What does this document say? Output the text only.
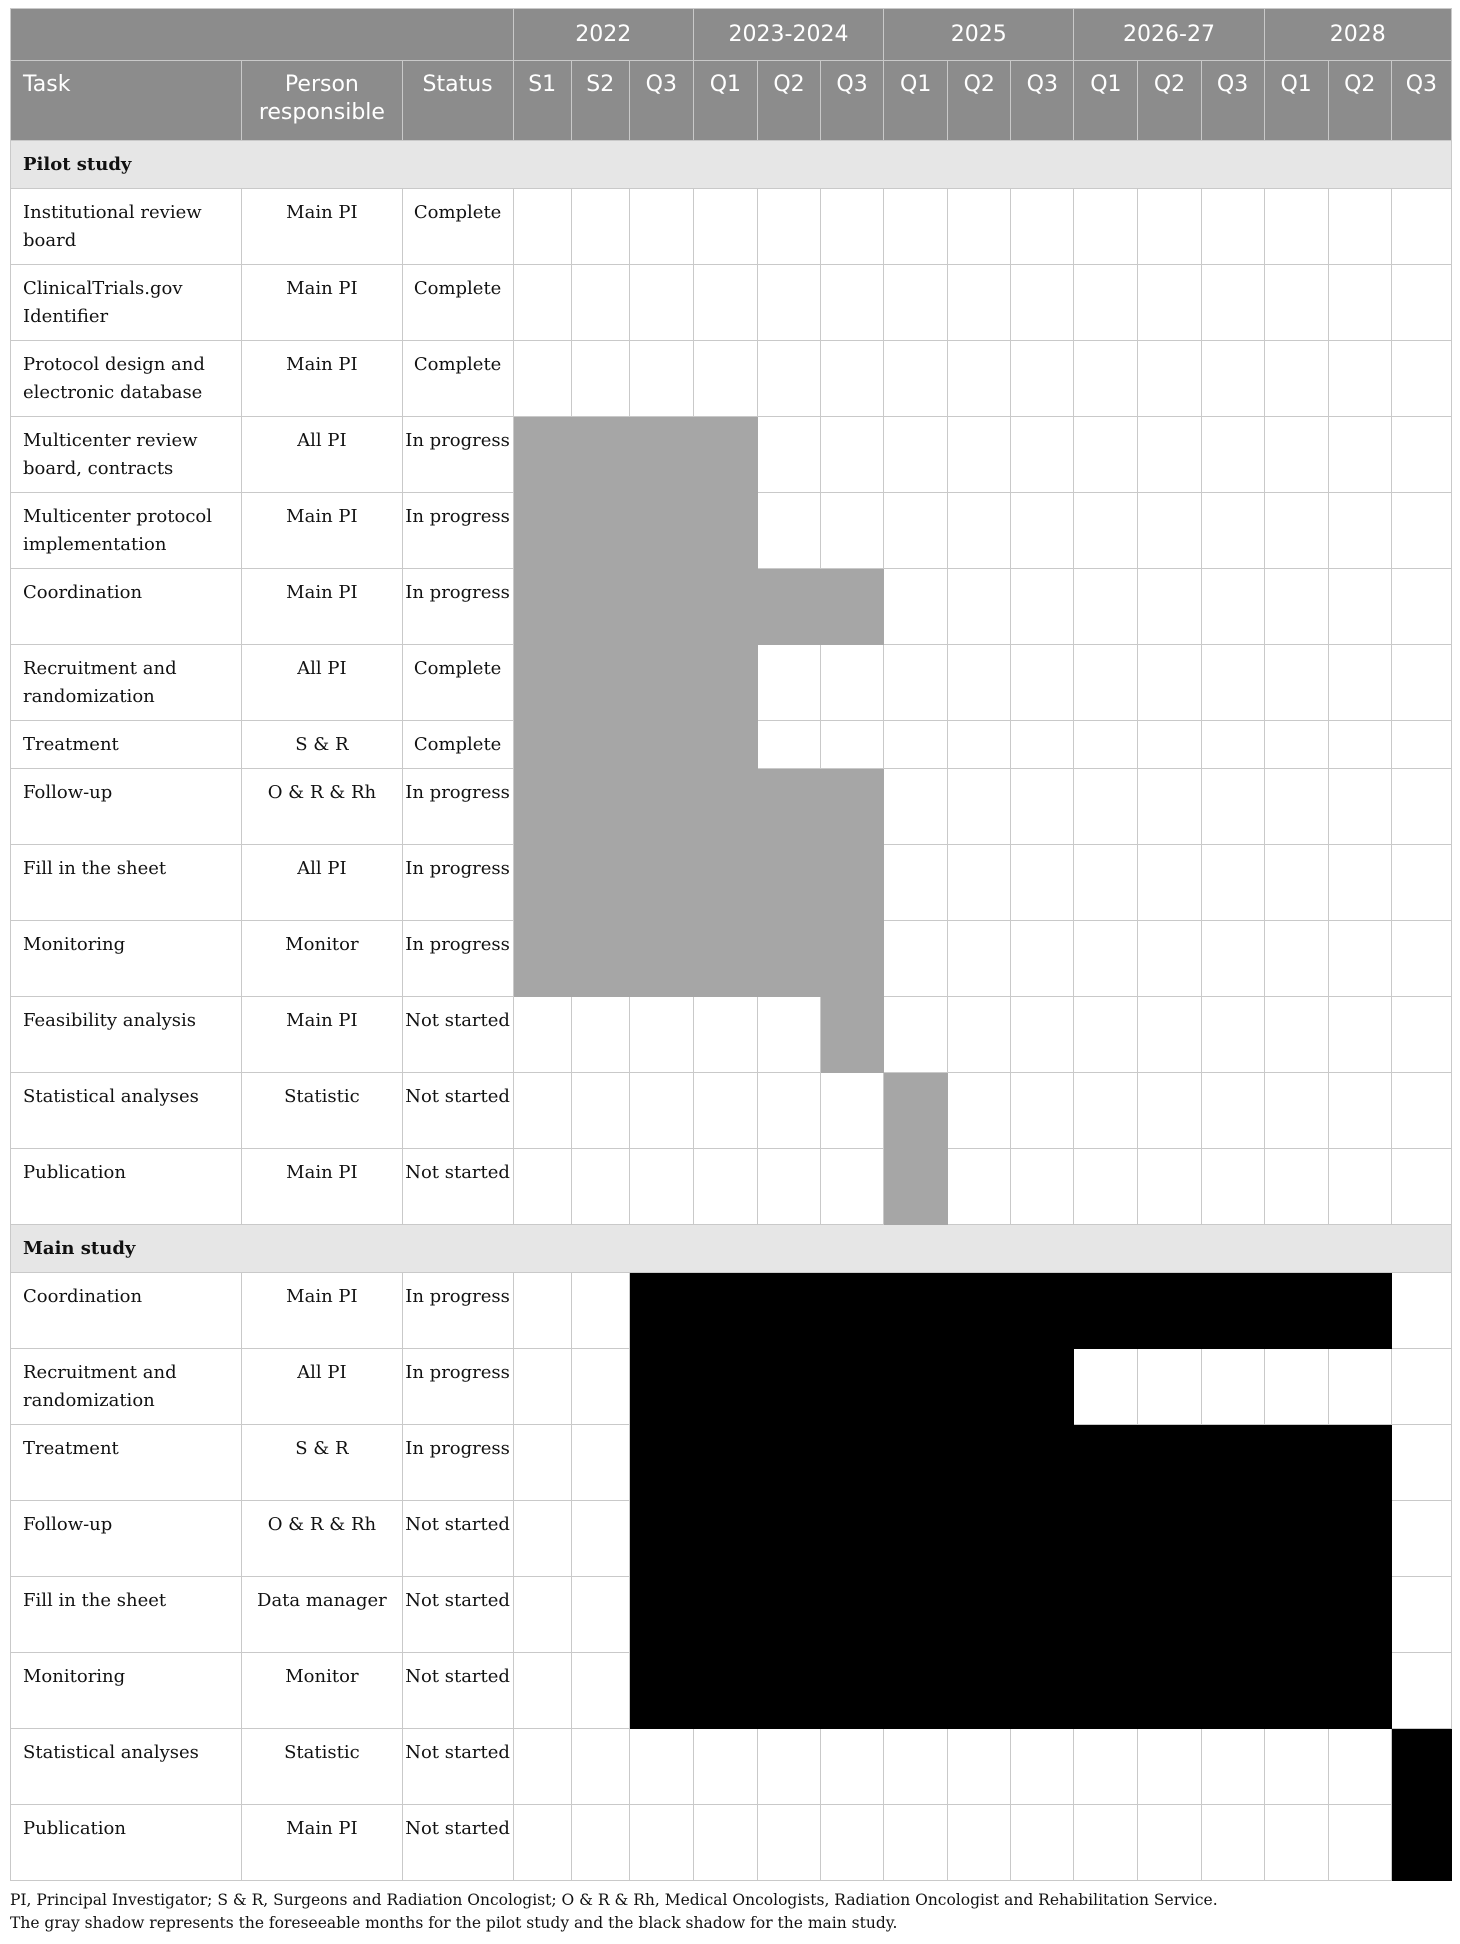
			2022			2023-2024			2025			2026-27			2028		
Task	Person responsible	Status	S1	S2	Q3	Q1	Q2	Q3	Q1	Q2	Q3	Q1	Q2	Q3	Q1	Q2	Q3
Pilot study																	
Institutional review board	Main PI	Complete															
ClinicalTrials.gov Identifier	Main PI	Complete															
Protocol design and electronic database	Main PI	Complete															
Multicenter review board, contracts	All PI	In progress															
Multicenter protocol implementation	Main PI	In progress															
Coordination	Main PI	In progress															
Recruitment and randomization	All PI	Complete															
Treatment	S & R	Complete															
Follow-up	O & R & Rh	In progress															
Fill in the sheet	All PI	In progress															
Monitoring	Monitor	In progress															
Feasibility analysis	Main PI	Not started															
Statistical analyses	Statistic	Not started															
Publication	Main PI	Not started															
Main study																	
Coordination	Main PI	In progress															
Recruitment and randomization	All PI	In progress															
Treatment	S & R	In progress															
Follow-up	O & R & Rh	Not started															
Fill in the sheet	Data manager	Not started															
Monitoring	Monitor	Not started															
Statistical analyses	Statistic	Not started															
Publication	Main PI	Not started															
PI, Principal Investigator; S & R, Surgeons and Radiation Oncologist; O & R & Rh, Medical Oncologists, Radiation Oncologist and Rehabilitation Service.
The gray shadow represents the foreseeable months for the pilot study and the black shadow for the main study.
